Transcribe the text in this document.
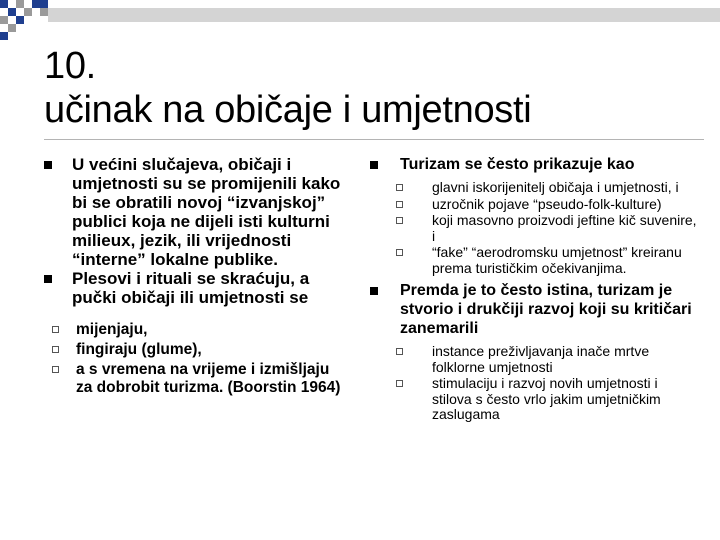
10.
učinak na običaje i umjetnosti
U većini slučajeva, običaji i umjetnosti su se promijenili kako bi se obratili novoj “izvanjskoj” publici koja ne dijeli isti kulturni milieux, jezik, ili vrijednosti “interne” lokalne publike.
Plesovi i rituali se skraćuju, a pučki običaji ili umjetnosti se
mijenjaju,
fingiraju (glume),
a s vremena na vrijeme i izmišljaju za dobrobit turizma. (Boorstin 1964)
Turizam se često prikazuje kao
glavni iskorijenitelj običaja i umjetnosti, i
uzročnik pojave “pseudo-folk-kulture)
koji masovno proizvodi jeftine kič suvenire, i
“fake” “aerodromsku umjetnost” kreiranu prema turističkim očekivanjima.
Premda je to često istina, turizam je stvorio i drukčiji razvoj koji su kritičari zanemarili
instance preživljavanja inače mrtve folklorne umjetnosti
stimulaciju i razvoj novih umjetnosti i stilova s često vrlo jakim umjetničkim zaslugama
